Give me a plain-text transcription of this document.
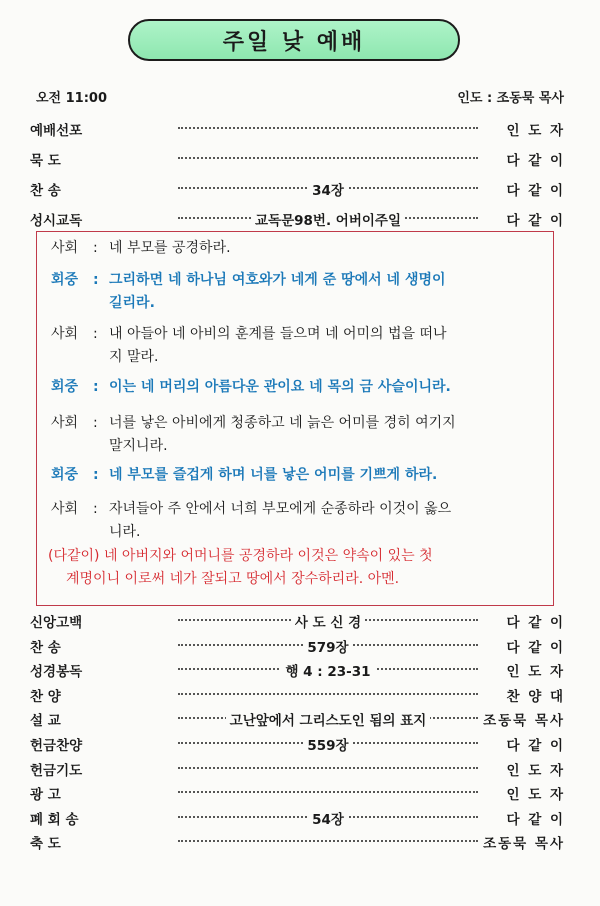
주일 낮 예배
오전 11:00	인도 : 조동묵 목사
예배선포	인 도 자
묵 도	다 같 이
찬 송	34장	다 같 이
성시교독	교독문98번. 어버이주일	다 같 이
사회 : 네 부모를 공경하라.
회중 : 그리하면 네 하나님 여호와가 네게 준 땅에서 네 생명이
길리라.
사회 : 내 아들아 네 아비의 훈계를 들으며 네 어미의 법을 떠나
지 말라.
회중 : 이는 네 머리의 아름다운 관이요 네 목의 금 사슬이니라.
사회 : 너를 낳은 아비에게 청종하고 네 늙은 어미를 경히 여기지
말지니라.
회중 : 네 부모를 즐겁게 하며 너를 낳은 어미를 기쁘게 하라.
사회 : 자녀들아 주 안에서 너희 부모에게 순종하라 이것이 옳으
니라.
(다같이) 네 아버지와 어머니를 공경하라 이것은 약속이 있는 첫
계명이니 이로써 네가 잘되고 땅에서 장수하리라. 아멘.
신앙고백	사 도 신 경	다 같 이
찬 송	579장	다 같 이
성경봉독	행 4 : 23-31	인 도 자
찬 양	찬 양 대
설 교	고난앞에서 그리스도인 됨의 표지	조동묵 목사
헌금찬양	559장	다 같 이
헌금기도	인 도 자
광 고	인 도 자
폐 회 송	54장	다 같 이
축 도	조동묵 목사
